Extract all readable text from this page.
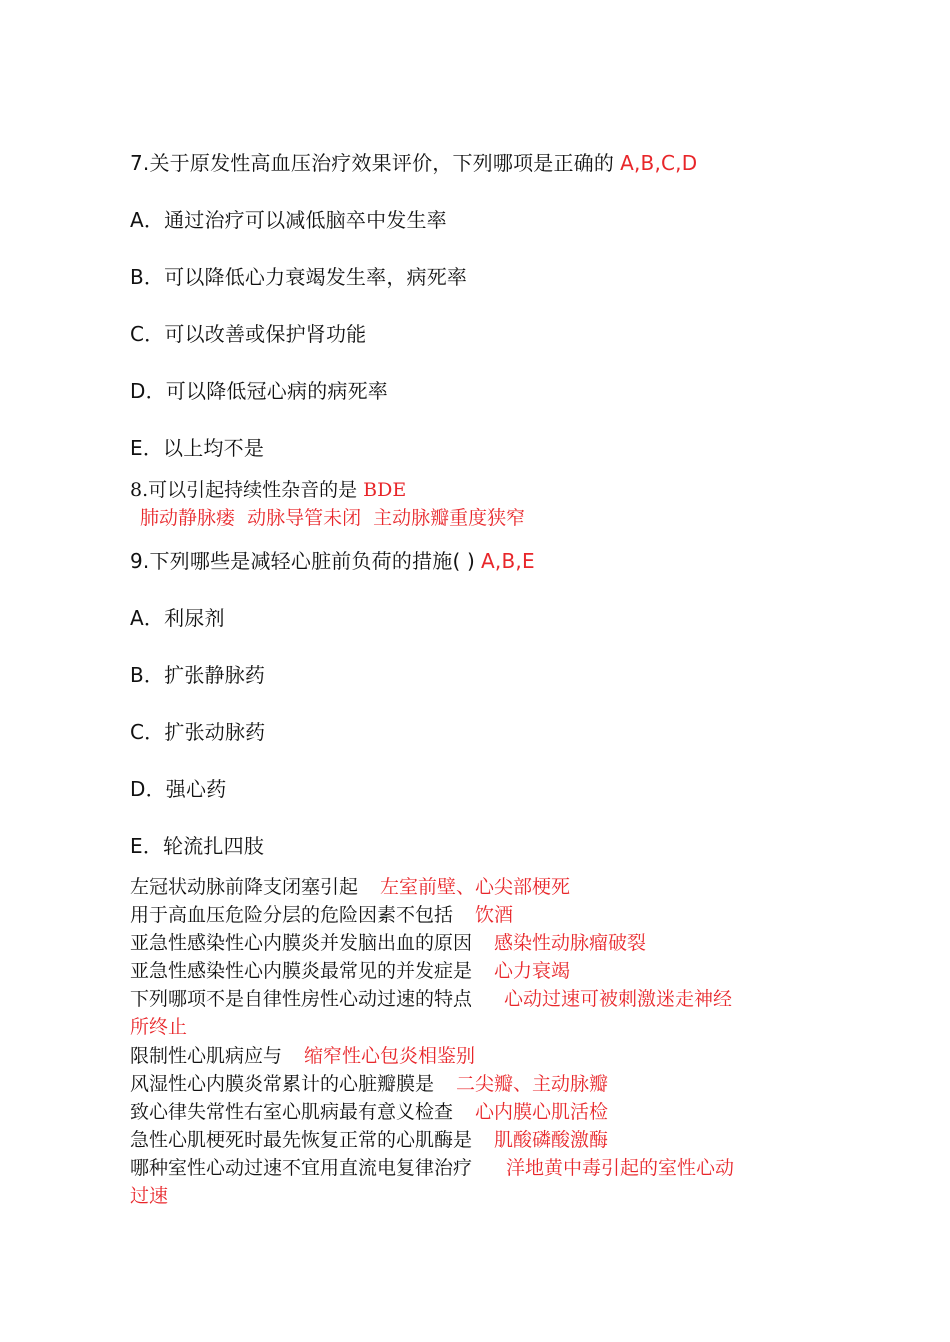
7.关于原发性高血压治疗效果评价，下列哪项是正确的 A,B,C,D
A．通过治疗可以减低脑卒中发生率
B．可以降低心力衰竭发生率，病死率
C．可以改善或保护肾功能
D．可以降低冠心病的病死率
E．以上均不是
8.可以引起持续性杂音的是 BDE
肺动静脉瘘  动脉导管未闭  主动脉瓣重度狭窄
9.下列哪些是减轻心脏前负荷的措施( ) A,B,E
A．利尿剂
B．扩张静脉药
C．扩张动脉药
D．强心药
E．轮流扎四肢
左冠状动脉前降支闭塞引起 左室前壁、心尖部梗死
用于高血压危险分层的危险因素不包括 饮酒
亚急性感染性心内膜炎并发脑出血的原因 感染性动脉瘤破裂
亚急性感染性心内膜炎最常见的并发症是 心力衰竭
下列哪项不是自律性房性心动过速的特点 心动过速可被刺激迷走神经
所终止
限制性心肌病应与 缩窄性心包炎相鉴别
风湿性心内膜炎常累计的心脏瓣膜是 二尖瓣、主动脉瓣
致心律失常性右室心肌病最有意义检查 心内膜心肌活检
急性心肌梗死时最先恢复正常的心肌酶是 肌酸磷酸激酶
哪种室性心动过速不宜用直流电复律治疗 洋地黄中毒引起的室性心动
过速
